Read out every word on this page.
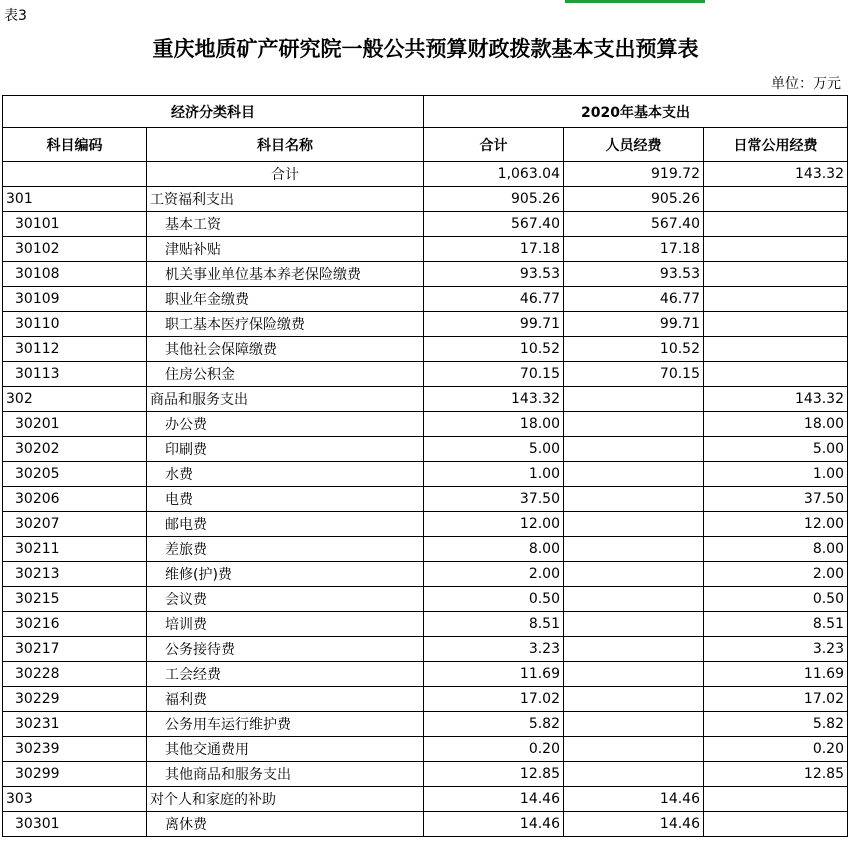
表3
重庆地质矿产研究院一般公共预算财政拨款基本支出预算表
单位：万元
经济分类科目		2020年基本支出		
科目编码	科目名称	合计	人员经费	日常公用经费
	合计	1,063.04	919.72	143.32
301	工资福利支出	905.26	905.26	
30101	基本工资	567.40	567.40	
30102	津贴补贴	17.18	17.18	
30108	机关事业单位基本养老保险缴费	93.53	93.53	
30109	职业年金缴费	46.77	46.77	
30110	职工基本医疗保险缴费	99.71	99.71	
30112	其他社会保障缴费	10.52	10.52	
30113	住房公积金	70.15	70.15	
302	商品和服务支出	143.32		143.32
30201	办公费	18.00		18.00
30202	印刷费	5.00		5.00
30205	水费	1.00		1.00
30206	电费	37.50		37.50
30207	邮电费	12.00		12.00
30211	差旅费	8.00		8.00
30213	维修(护)费	2.00		2.00
30215	会议费	0.50		0.50
30216	培训费	8.51		8.51
30217	公务接待费	3.23		3.23
30228	工会经费	11.69		11.69
30229	福利费	17.02		17.02
30231	公务用车运行维护费	5.82		5.82
30239	其他交通费用	0.20		0.20
30299	其他商品和服务支出	12.85		12.85
303	对个人和家庭的补助	14.46	14.46	
30301	离休费	14.46	14.46	
